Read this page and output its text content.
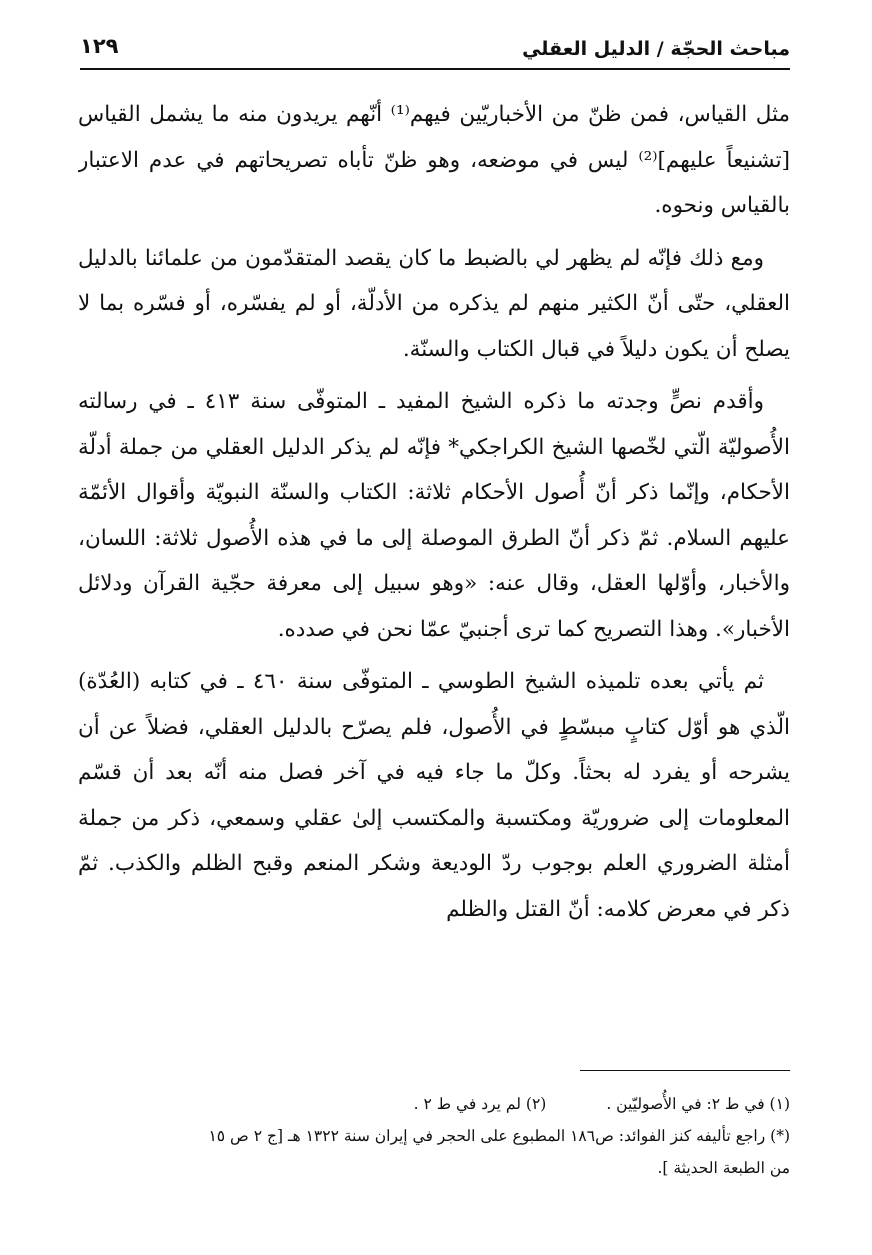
مباحث الحجّة / الدليل العقلي
١٢٩

مثل القياس، فمن ظنّ من الأخباريّين فيهم⁽¹⁾ أنّهم يريدون منه ما يشمل القياس [تشنيعاً عليهم]⁽²⁾ ليس في موضعه، وهو ظنّ تأباه تصريحاتهم في عدم الاعتبار بالقياس ونحوه.

ومع ذلك فإنّه لم يظهر لي بالضبط ما كان يقصد المتقدّمون من علمائنا بالدليل العقلي، حتّى أنّ الكثير منهم لم يذكره من الأدلّة، أو لم يفسّره، أو فسّره بما لا يصلح أن يكون دليلاً في قبال الكتاب والسنّة.

وأقدم نصٍّ وجدته ما ذكره الشيخ المفيد ـ المتوفّى سنة ٤١٣ ـ في رسالته الأُصوليّة الّتي لخّصها الشيخ الكراجكي* فإنّه لم يذكر الدليل العقلي من جملة أدلّة الأحكام، وإنّما ذكر أنّ أُصول الأحكام ثلاثة: الكتاب والسنّة النبويّة وأقوال الأئمّة عليهم السلام. ثمّ ذكر أنّ الطرق الموصلة إلى ما في هذه الأُصول ثلاثة: اللسان، والأخبار، وأوّلها العقل، وقال عنه: «وهو سبيل إلى معرفة حجّية القرآن ودلائل الأخبار». وهذا التصريح كما ترى أجنبيّ عمّا نحن في صدده.

ثم يأتي بعده تلميذه الشيخ الطوسي ـ المتوفّى سنة ٤٦٠ ـ في كتابه (العُدّة) الّذي هو أوّل كتابٍ مبسّطٍ في الأُصول، فلم يصرّح بالدليل العقلي، فضلاً عن أن يشرحه أو يفرد له بحثاً. وكلّ ما جاء فيه في آخر فصل منه أنّه بعد أن قسّم المعلومات إلى ضروريّة ومكتسبة والمكتسب إلىٰ عقلي وسمعي، ذكر من جملة أمثلة الضروري العلم بوجوب ردّ الوديعة وشكر المنعم وقبح الظلم والكذب. ثمّ ذكر في معرض كلامه: أنّ القتل والظلم

(١) في ط ٢: في الأُصوليّين .(٢) لم يرد في ط ٢ .
(*) راجع تأليفه كنز الفوائد: ص١٨٦ المطبوع على الحجر في إيران سنة ١٣٢٢ هـ [ج ٢ ص ١٥
من الطبعة الحديثة ].
